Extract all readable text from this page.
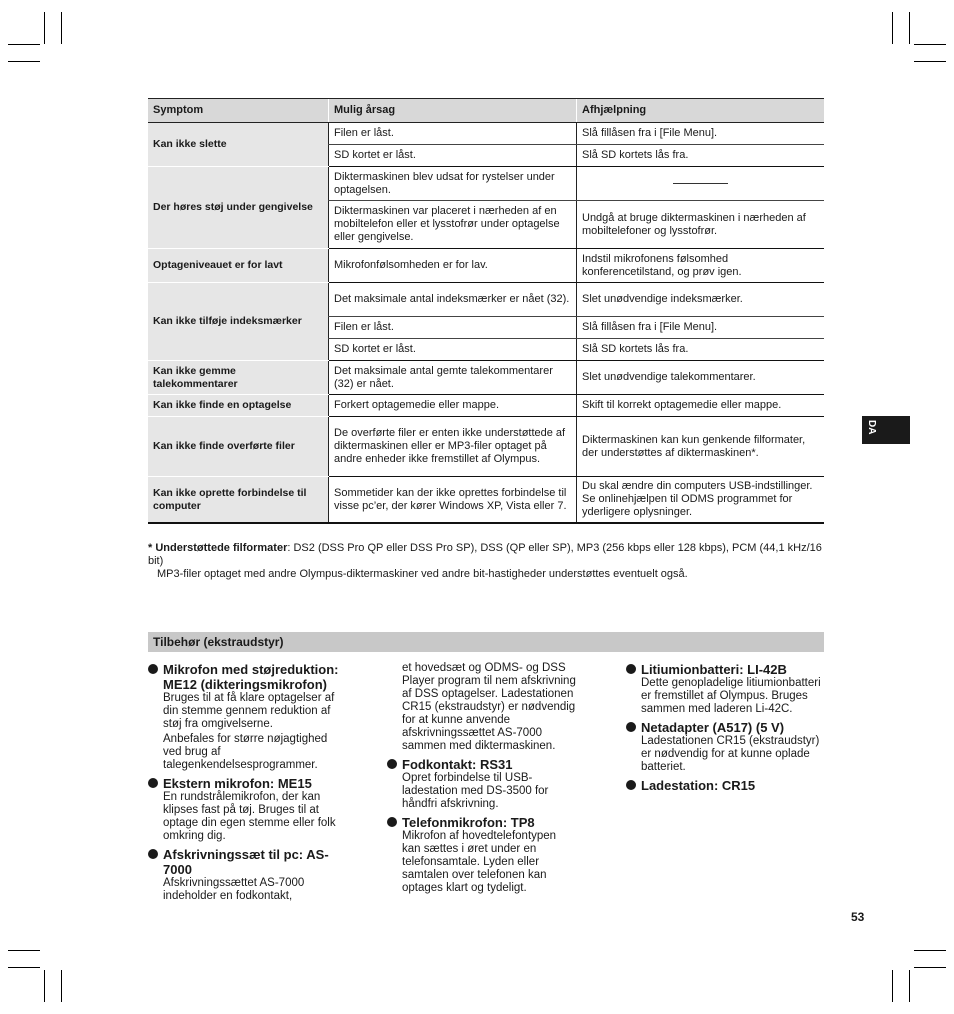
Symptom	Mulig årsag	Afhjælpning
Kan ikke slette	Filen er låst.	Slå fillåsen fra i [File Menu].
	SD kortet er låst.	Slå SD kortets lås fra.
Der høres støj under gengivelse	Diktermaskinen blev udsat for rystelser under optagelsen.	

	Diktermaskinen var placeret i nærheden af en mobiltelefon eller et lysstofrør under optagelse eller gengivelse.	Undgå at bruge diktermaskinen i nærheden af mobiltelefoner og lysstofrør.
Optageniveauet er for lavt	Mikrofonfølsomheden er for lav.	Indstil mikrofonens følsomhed konferencetilstand, og prøv igen.
Kan ikke tilføje indeksmærker	Det maksimale antal indeksmærker er nået (32).	Slet unødvendige indeksmærker.
	Filen er låst.	Slå fillåsen fra i [File Menu].
	SD kortet er låst.	Slå SD kortets lås fra.
Kan ikke gemme talekommentarer	Det maksimale antal gemte talekommentarer (32) er nået.	Slet unødvendige talekommentarer.
Kan ikke finde en optagelse	Forkert optagemedie eller mappe.	Skift til korrekt optagemedie eller mappe.
Kan ikke finde overførte filer	De overførte filer er enten ikke understøttede af diktermaskinen eller er MP3-filer optaget på andre enheder ikke fremstillet af Olympus.	Diktermaskinen kan kun genkende filformater, der understøttes af diktermaskinen*.
Kan ikke oprette forbindelse til computer	Sommetider kan der ikke oprettes forbindelse til visse pc’er, der kører Windows XP, Vista eller 7.	Du skal ændre din computers USB-indstillinger. Se onlinehjælpen til ODMS programmet for yderligere oplysninger.
* Understøttede filformater: DS2 (DSS Pro QP eller DSS Pro SP), DSS (QP eller SP), MP3 (256 kbps eller 128 kbps), PCM (44,1 kHz/16 bit)
MP3-filer optaget med andre Olympus-diktermaskiner ved andre bit-hastigheder understøttes eventuelt også.
Tilbehør (ekstraudstyr)
Mikrofon med støjreduktion: ME12 (dikteringsmikrofon)

Bruges til at få klare optagelser af din stemme gennem reduktion af støj fra omgivelserne.

Anbefales for større nøjagtighed ved brug af talegenkendelsesprogrammer.

Ekstern mikrofon: ME15

En rundstrålemikrofon, der kan klipses fast på tøj. Bruges til at optage din egen stemme eller folk omkring dig.

Afskrivningssæt til pc: AS-7000

Afskrivningssættet AS-7000 indeholder en fodkontakt,

et hovedsæt og ODMS- og DSS Player program til nem afskrivning af DSS optagelser. Ladestationen CR15 (ekstraudstyr) er nødvendig for at kunne anvende afskrivningssættet AS-7000 sammen med diktermaskinen.
Fodkontakt: RS31

Opret forbindelse til USB-ladestation med DS-3500 for håndfri afskrivning.

Telefonmikrofon: TP8

Mikrofon af hovedtelefontypen kan sættes i øret under en telefonsamtale. Lyden eller samtalen over telefonen kan optages klart og tydeligt.

Litiumionbatteri: LI-42B

Dette genopladelige litiumionbatteri er fremstillet af Olympus. Bruges sammen med laderen Li-42C.

Netadapter (A517) (5 V)

Ladestationen CR15 (ekstraudstyr) er nødvendig for at kunne oplade batteriet.

Ladestation: CR15
DA
53
